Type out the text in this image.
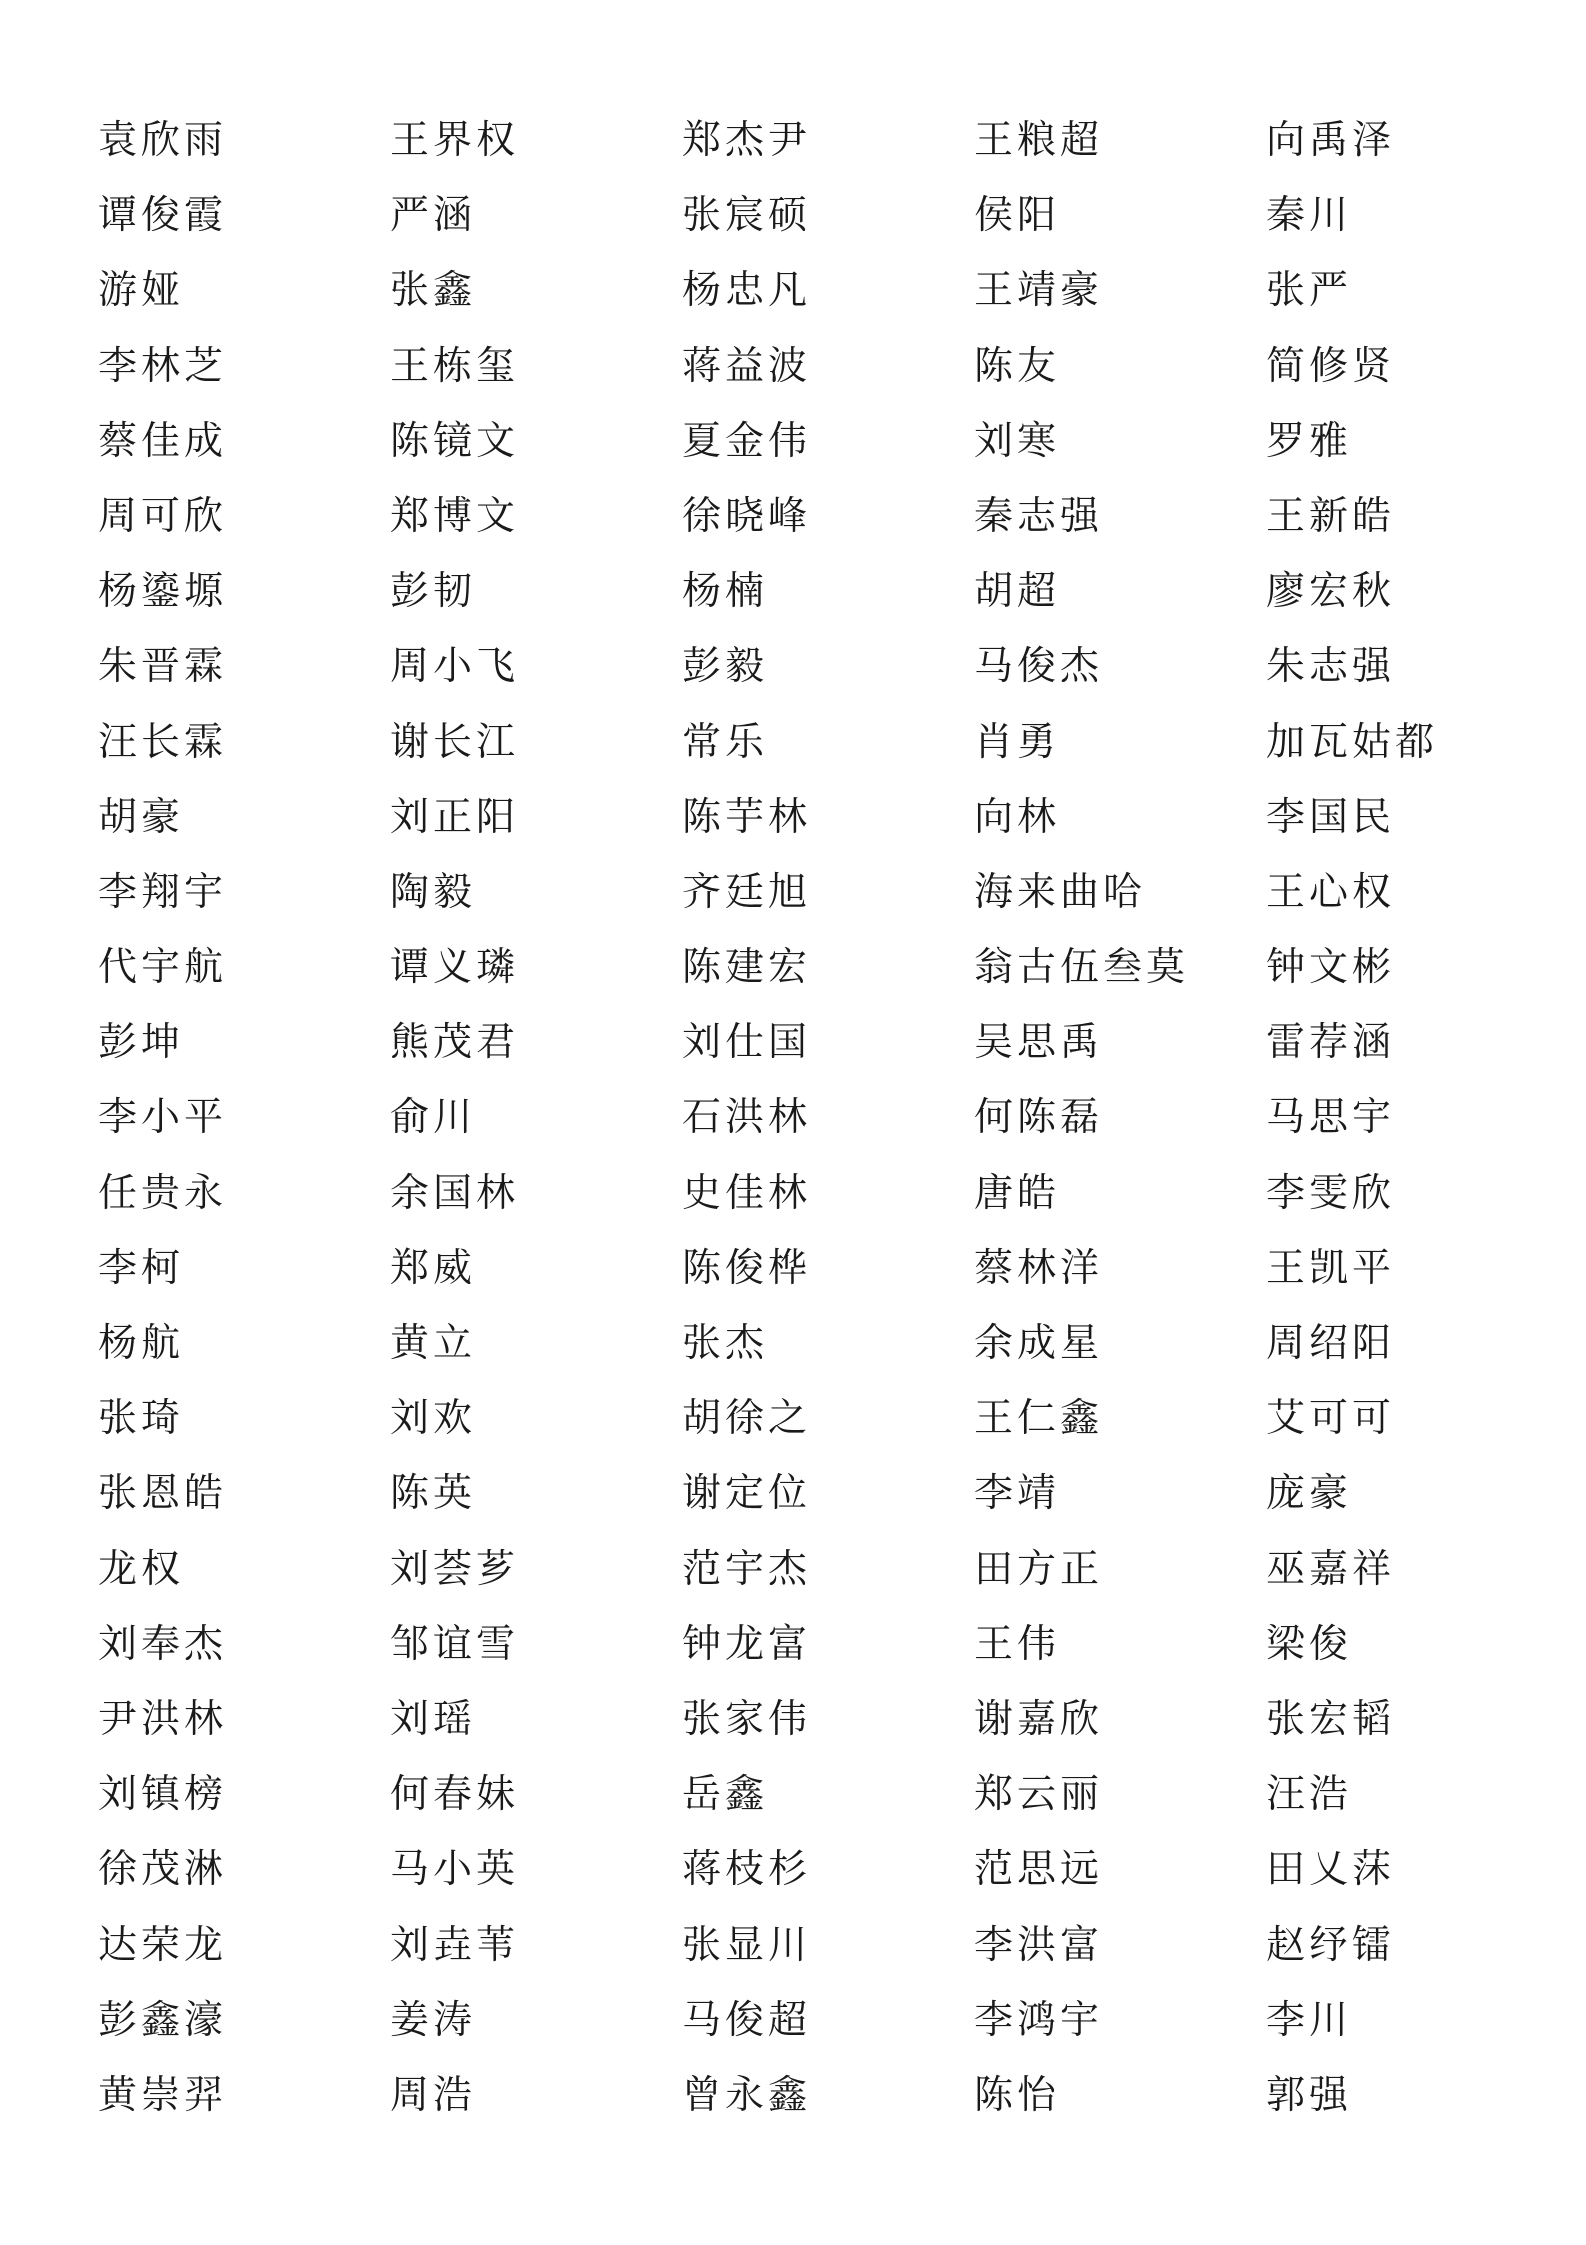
袁欣雨	王界权	郑杰尹	王粮超	向禹泽
谭俊霞	严涵	张宸硕	侯阳	秦川
游娅	张鑫	杨忠凡	王靖豪	张严
李林芝	王栋玺	蒋益波	陈友	简修贤
蔡佳成	陈镜文	夏金伟	刘寒	罗雅
周可欣	郑博文	徐晓峰	秦志强	王新皓
杨鎏塬	彭韧	杨楠	胡超	廖宏秋
朱晋霖	周小飞	彭毅	马俊杰	朱志强
汪长霖	谢长江	常乐	肖勇	加瓦姑都
胡豪	刘正阳	陈芋林	向林	李国民
李翔宇	陶毅	齐廷旭	海来曲哈	王心权
代宇航	谭义璘	陈建宏	翁古伍叁莫	钟文彬
彭坤	熊茂君	刘仕国	吴思禹	雷荐涵
李小平	俞川	石洪林	何陈磊	马思宇
任贵永	余国林	史佳林	唐皓	李雯欣
李柯	郑威	陈俊桦	蔡林洋	王凯平
杨航	黄立	张杰	余成星	周绍阳
张琦	刘欢	胡徐之	王仁鑫	艾可可
张恩皓	陈英	谢定位	李靖	庞豪
龙权	刘荟芗	范宇杰	田方正	巫嘉祥
刘奉杰	邹谊雪	钟龙富	王伟	梁俊
尹洪林	刘瑶	张家伟	谢嘉欣	张宏韬
刘镇榜	何春妹	岳鑫	郑云丽	汪浩
徐茂淋	马小英	蒋枝杉	范思远	田乂莯
达荣龙	刘垚苇	张显川	李洪富	赵纾镭
彭鑫濠	姜涛	马俊超	李鸿宇	李川
黄崇羿	周浩	曾永鑫	陈怡	郭强
